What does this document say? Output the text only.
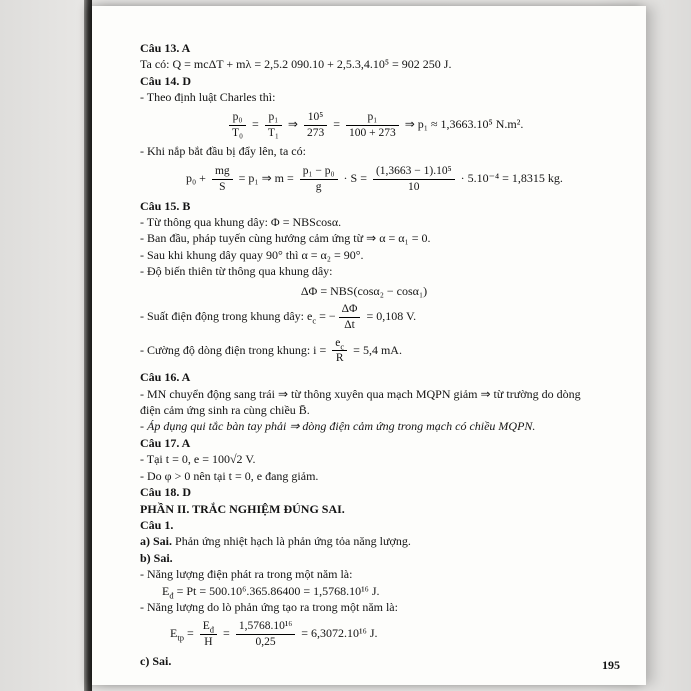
Câu 13. A
Ta có: Q = mcΔT + mλ = 2,5.2 090.10 + 2,5.3,4.10⁵ = 902 250 J.
Câu 14. D
- Theo định luật Charles thì:
$\frac{\text{p₀}}{\text{T₀}} = \frac{\text{p₁}}{\text{T₁}}$ ⇒ $\frac{\text{10⁵}}{273} = \frac{\text{p₁}}{100 + 273}$ ⇒ p₁ ≈ 1,3663.10⁵ N.m².
- Khi nắp bắt đầu bị đẩy lên, ta có:
$p_0 + \frac{mg}{S} = p_1$ ⇒ $m = \frac{\text{p₁ − p₀}}{g} \cdot S = \frac{\text{(1,3663 − 1).10⁵}}{10} \cdot 5.10^{-4} = 1,8315$ kg.
Câu 15. B
- Từ thông qua khung dây: Φ = NBScosα.
- Ban đầu, pháp tuyến cùng hướng cảm ứng từ ⇒ α = α₁ = 0.
- Sau khi khung dây quay 90° thì α = α₂ = 90°.
- Độ biến thiên từ thông qua khung dây:
ΔΦ = NBS(cosα₂ − cosα₁)
- Suất điện động trong khung dây: $e_c$ = − $\frac{\Delta\Phi}{\Delta t} = 0,108$ V.
- Cường độ dòng điện trong khung: $i = \frac{e_c}{R} = 5,4$ mA.
Câu 16. A
- MN chuyển động sang trái ⇒ từ thông xuyên qua mạch MQPN giảm ⇒ từ trường do dòng điện cảm ứng sinh ra cùng chiều B̄.
- Áp dụng qui tắc bàn tay phải ⇒ dòng điện cảm ứng trong mạch có chiều MQPN.
Câu 17. A
- Tại t = 0, e = 100√2 V.
- Do φ > 0 nên tại t = 0, e đang giảm.
Câu 18. D
PHẦN II. TRẮC NGHIỆM ĐÚNG SAI.
Câu 1.
a) Sai. Phản ứng nhiệt hạch là phản ứng tỏa năng lượng.
b) Sai.
- Năng lượng điện phát ra trong một năm là:
$E_đ = Pt = 500.10^6.365.86400 = 1,5768.10^{16}$ J.
- Năng lượng do lò phản ứng tạo ra trong một năm là:
$E_{tp} = \frac{E_đ}{H} = \frac{\text{1,5768.10¹⁶}}{0,25} = 6,3072.10^{16}$ J.
c) Sai.	195
